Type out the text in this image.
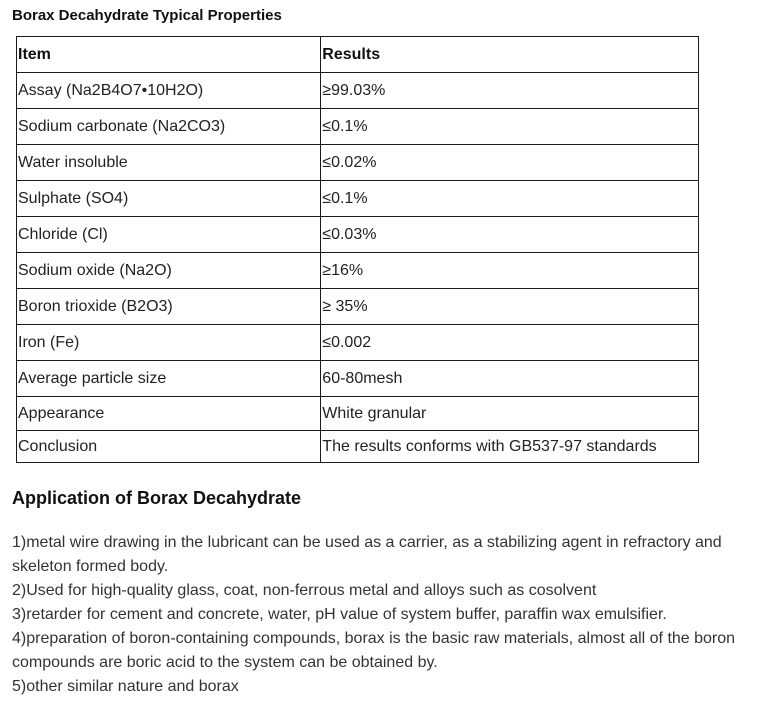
Borax Decahydrate Typical Properties
Item	Results
Assay (Na2B4O7•10H2O)	≥99.03%
Sodium carbonate (Na2CO3)	≤0.1%
Water insoluble	≤0.02%
Sulphate (SO4)	≤0.1%
Chloride (Cl)	≤0.03%
Sodium oxide (Na2O)	≥16%
Boron trioxide (B2O3)	≥ 35%
Iron (Fe)	≤0.002
Average particle size	60-80mesh
Appearance	White granular
Conclusion	The results conforms with GB537-97 standards
Application of Borax Decahydrate
1)metal wire drawing in the lubricant can be used as a carrier, as a stabilizing agent in refractory and skeleton formed body.
2)Used for high-quality glass, coat, non-ferrous metal and alloys such as cosolvent
3)retarder for cement and concrete, water, pH value of system buffer, paraffin wax emulsifier.
4)preparation of boron-containing compounds, borax is the basic raw materials, almost all of the boron compounds are boric acid to the system can be obtained by.
5)other similar nature and borax
